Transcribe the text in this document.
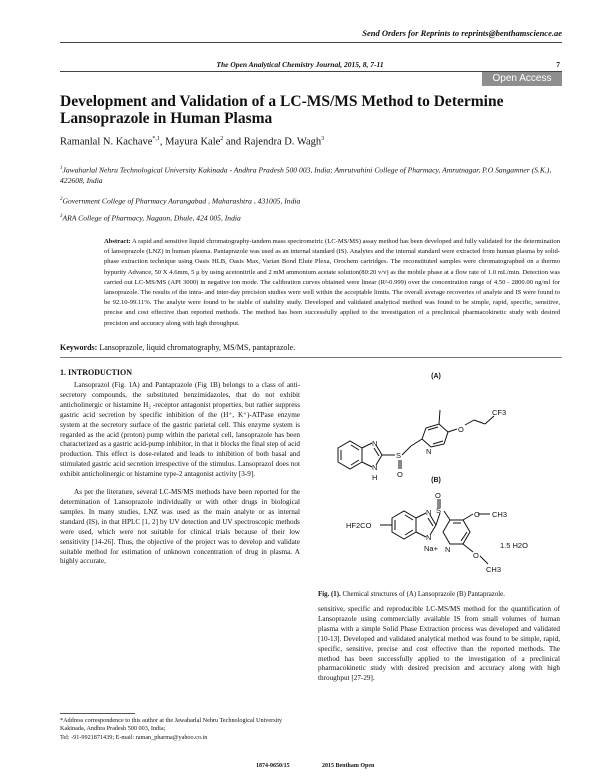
Send Orders for Reprints to reprints@benthamscience.ae
The Open Analytical Chemistry Journal, 2015, 8, 7-11	7
Open Access
Development and Validation of a LC-MS/MS Method to Determine Lansoprazole in Human Plasma
Ramanlal N. Kachave$^{*,1}$, Mayura Kale$^2$ and Rajendra D. Wagh$^3$
$^1$Jawaharlal Nehru Technological University Kakinada - Andhra Pradesh 500 003, India; Amrutvahini College of Pharmacy, Amrutnagar, P.O Sangamner (S.K.), 422608, India
$^2$Government College of Pharmacy Aurangabad , Maharashtra , 431005, India
$^3$ARA College of Pharmacy, Nagaon, Dhule, 424 005, India
Abstract: A rapid and sensitive liquid chromatography-tandem mass spectrometric (LC-MS/MS) assay method has been developed and fully validated for the determination of lansoprazole (LNZ) in human plasma. Pantaprazole was used as an internal standard (IS). Analytes and the internal standard were extracted from human plasma by solid-phase extraction technique using Oasis HLB, Oasis Max, Varian Bond Elute Plexa, Orochem cartridges. The reconstituted samples were chromatographed on a thermo hypurity Advance, 50 X 4.6mm, 5 μ by using acetonitrile and 2 mM ammonium acetate solution(80:20 v/v) as the mobile phase at a flow rate of 1.0 mL/min. Detection was carried out LC-MS/MS (API 3000) in negative ion mode. The calibration curves obtained were linear (R²-0.999) over the concentration range of 4.50 - 2800.00 ng/ml for lansoprazole. The results of the intra- and inter-day precision studies were well within the acceptable limits. The overall average recoveries of analyte and IS were found to be 92.10-99.11%. The analyte were found to be stable of stability study. Developed and validated analytical method was found to be simple, rapid, specific, sensitive, precise and cost effective than reported methods. The method has been successfully applied to the investigation of a preclinical pharmacokinetic study with desired precision and accuracy along with high throughput.
Keywords: Lansoprazole, liquid chromatography, MS/MS, pantaprazole.
1. INTRODUCTION

Lansoprazol (Fig. 1A) and Pantaprazole (Fig 1B) belongs to a class of anti-secretory compounds, the substituted benzimidazoles, that do not exhibit anticholinergic or histamine H₂ -receptor antagonist properties, but rather suppress gastric acid secretion by specific inhibition of the (H⁺, K⁺)-ATPase enzyme system at the secretory surface of the gastric parietal cell. This enzyme system is regarded as the acid (proton) pump within the parietal cell, lansoprazole has been characterized as a gastric acid-pump inhibitor, in that it blocks the final step of acid production. This effect is dose-related and leads to inhibition of both basal and stimulated gastric acid secretion irrespective of the stimulus. Lansoprazol does not exhibit anticholinergic or histamine type-2 antagonist activity [3-9].

As per the literature, several LC-MS/MS methods have been reported for the determination of Lansoprazole individually or with other drugs in biological samples. In many studies, LNZ was used as the main analyte or as internal standard (IS), in that HPLC [1, 2] by UV detection and UV spectroscopic methods were used, which were not suitable for clinical trials because of their low sensitivity [14-26]. Thus, the objective of the project was to develop and validate suitable method for estimation of unknown concentration of drug in plasma. A highly accurate,

(A)
N
N
H
S
O
N
O
CF3
(B)
HF2CO
N
N
Na+
S
O
N
O CH3
O
CH3
1.5 H2O
Fig. (1). Chemical structures of (A) Lansoprazole (B) Pantaprazole.

sensitive, specific and reproducible LC-MS/MS method for the quantification of Lansoprazole using commercially available IS from small volumes of human plasma with a simple Solid Phase Extraction process was developed and validated [10-13]. Developed and validated analytical method was found to be simple, rapid, specific, sensitive, precise and cost effective than the reported methods. The method has been successfully applied to the investigation of a preclinical pharmacokinetic study with desired precision and accuracy along with high throughput [27-29].

*Address correspondence to this author at the Jawaharlal Nehru Technological University Kakinada, Andhra Pradesh 500 003, India;
Tel: -91-9921871439; E-mail: raman_pharma@yahoo.co.in
1874-0650/15	2015 Bentham Open
